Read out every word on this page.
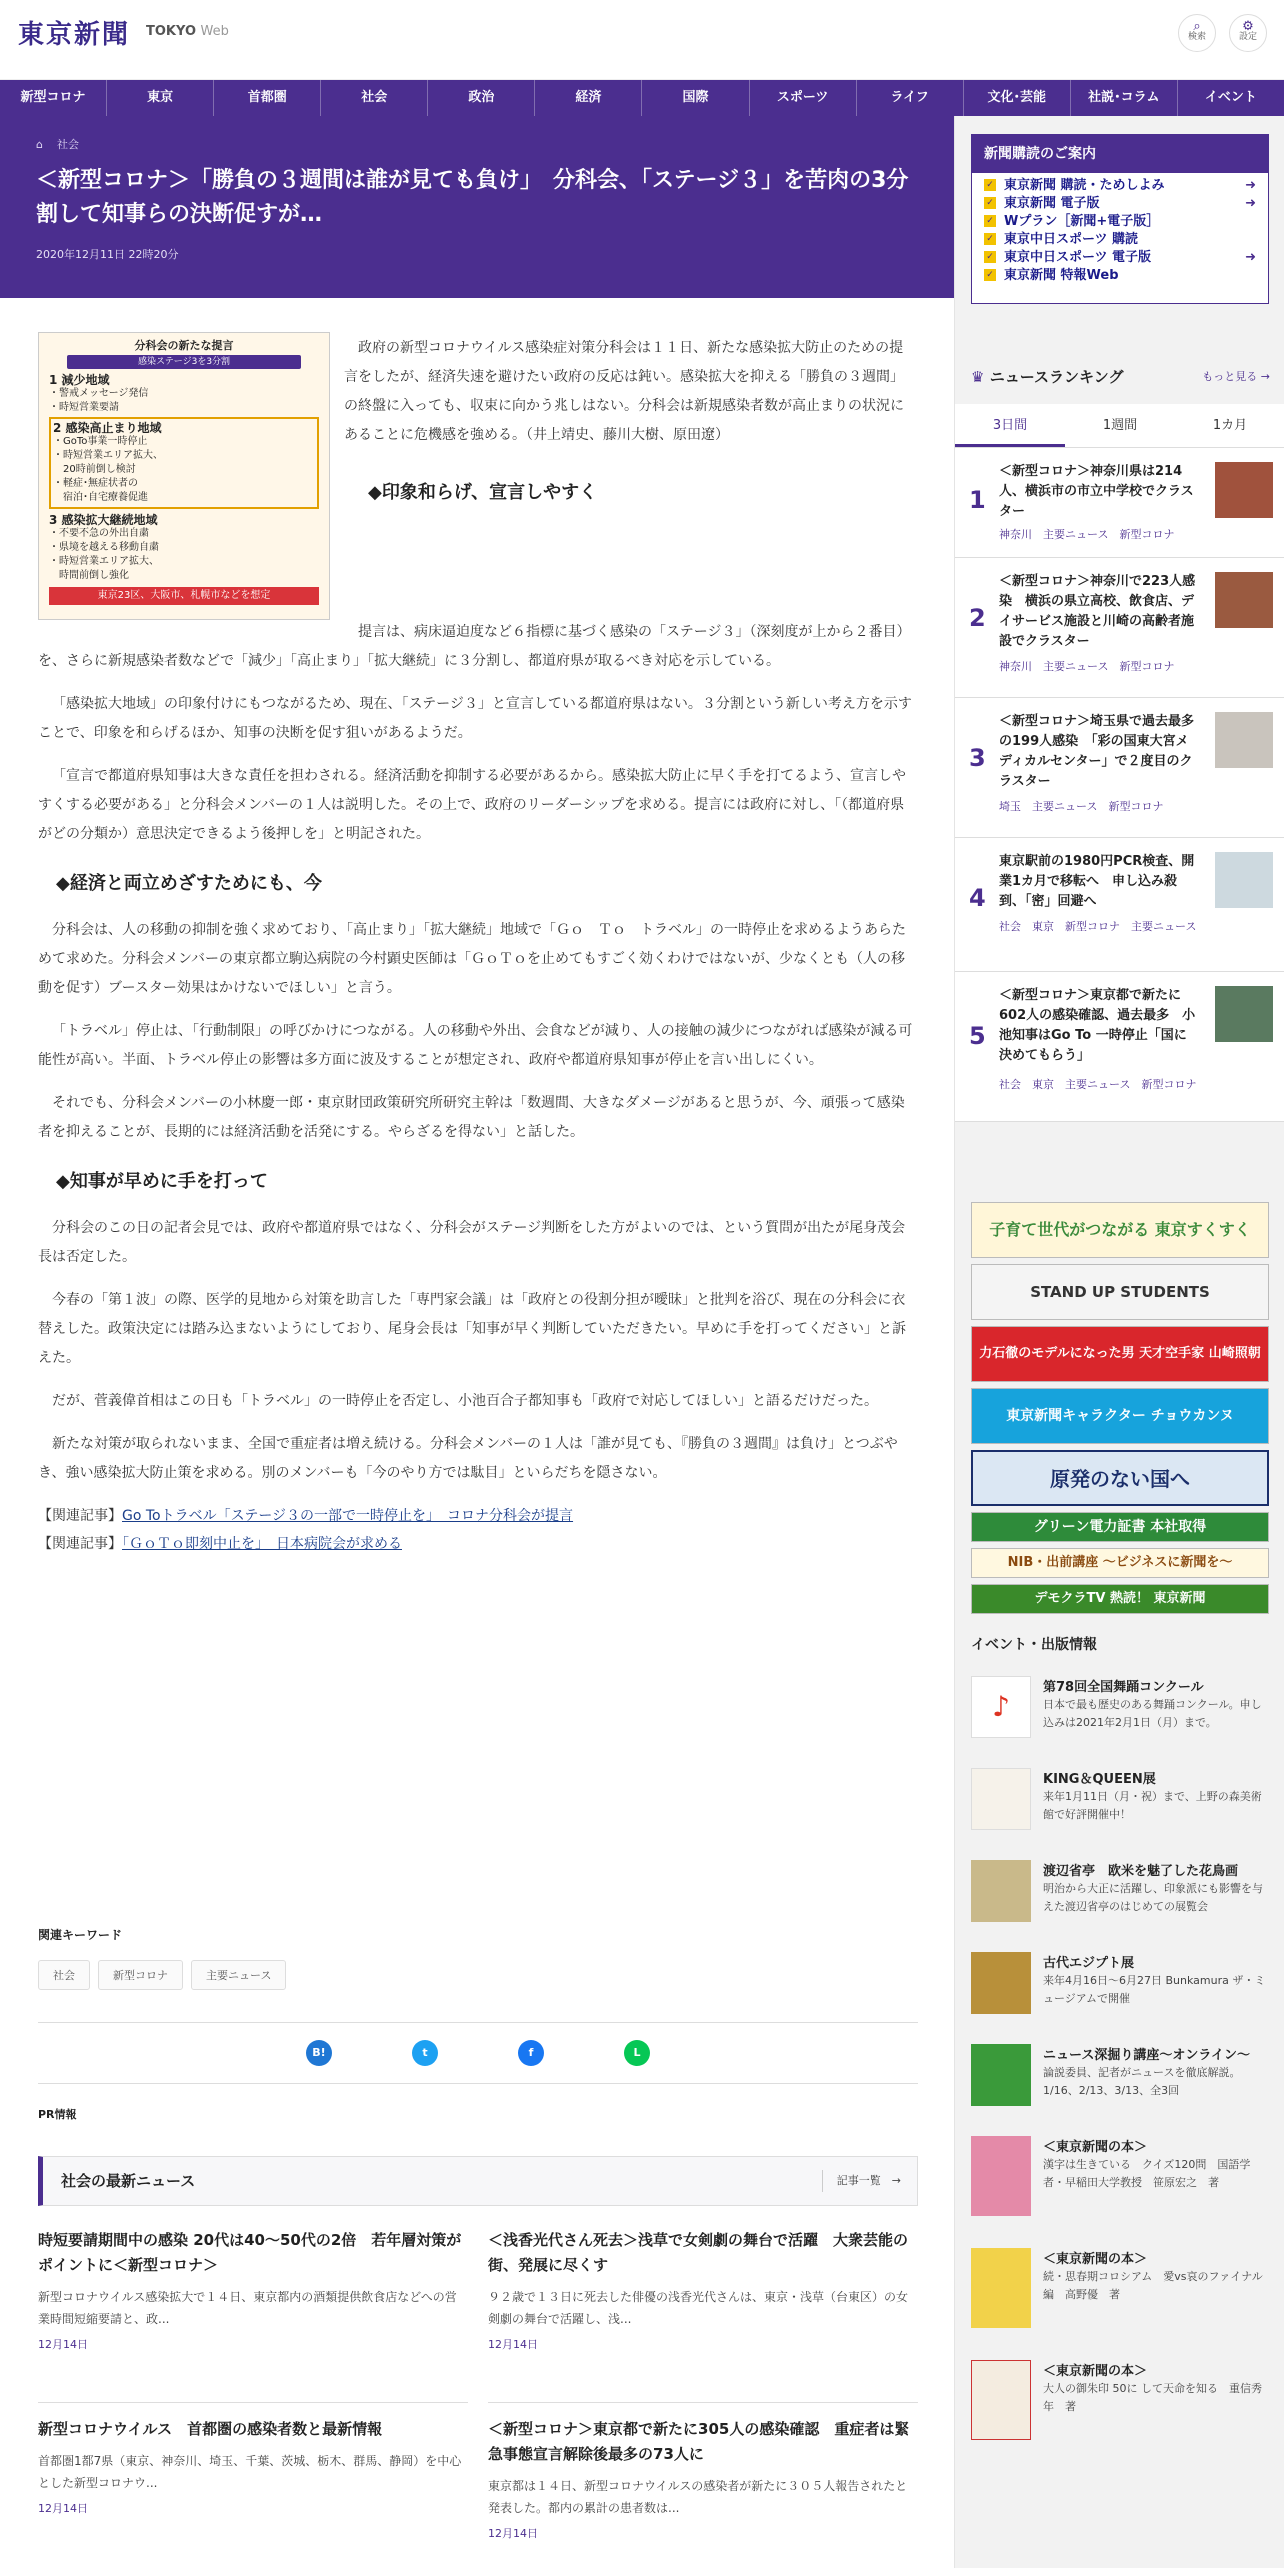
東京新聞 TOKYO Web	⌕
検索
⚙
設定
新型コロナ	東京	首都圏	社会	政治	経済	国際	スポーツ	ライフ	文化･芸能	社説･コラム	イベント
⌂ 社会
＜新型コロナ＞「勝負の３週間は誰が見ても負け」　分科会、「ステージ３」を苦肉の3分割して知事らの決断促すが…
2020年12月11日 22時20分
分科会の新たな提言
感染ステージ3を3分割
1 減少地域
・警戒メッセージ発信
・時短営業要請
2 感染高止まり地域
・GoTo事業一時停止
・時短営業エリア拡大、
　20時前倒し検討
・軽症･無症状者の
　宿泊･自宅療養促進
3 感染拡大継続地域
・不要不急の外出自粛
・県境を越える移動自粛
・時短営業エリア拡大、
　時間前倒し強化
東京23区、大阪市、札幌市などを想定

政府の新型コロナウイルス感染症対策分科会は１１日、新たな感染拡大防止のための提言をしたが、経済失速を避けたい政府の反応は鈍い。感染拡大を抑える「勝負の３週間」の終盤に入っても、収束に向かう兆しはない。分科会は新規感染者数が高止まりの状況にあることに危機感を強める。（井上靖史、藤川大樹、原田遼）

◆印象和らげ、宣言しやすく

提言は、病床逼迫度など６指標に基づく感染の「ステージ３」（深刻度が上から２番目）を、さらに新規感染者数などで「減少」「高止まり」「拡大継続」に３分割し、都道府県が取るべき対応を示している。

「感染拡大地域」の印象付けにもつながるため、現在、「ステージ３」と宣言している都道府県はない。３分割という新しい考え方を示すことで、印象を和らげるほか、知事の決断を促す狙いがあるようだ。

「宣言で都道府県知事は大きな責任を担わされる。経済活動を抑制する必要があるから。感染拡大防止に早く手を打てるよう、宣言しやすくする必要がある」と分科会メンバーの１人は説明した。その上で、政府のリーダーシップを求める。提言には政府に対し、「（都道府県がどの分類か）意思決定できるよう後押しを」と明記された。

◆経済と両立めざすためにも、今

分科会は、人の移動の抑制を強く求めており、「高止まり」「拡大継続」地域で「Ｇｏ　Ｔｏ　トラベル」の一時停止を求めるようあらためて求めた。分科会メンバーの東京都立駒込病院の今村顕史医師は「ＧｏＴｏを止めてもすごく効くわけではないが、少なくとも（人の移動を促す）ブースター効果はかけないでほしい」と言う。

「トラベル」停止は、「行動制限」の呼びかけにつながる。人の移動や外出、会食などが減り、人の接触の減少につながれば感染が減る可能性が高い。半面、トラベル停止の影響は多方面に波及することが想定され、政府や都道府県知事が停止を言い出しにくい。

それでも、分科会メンバーの小林慶一郎・東京財団政策研究所研究主幹は「数週間、大きなダメージがあると思うが、今、頑張って感染者を抑えることが、長期的には経済活動を活発にする。やらざるを得ない」と話した。

◆知事が早めに手を打って

分科会のこの日の記者会見では、政府や都道府県ではなく、分科会がステージ判断をした方がよいのでは、という質問が出たが尾身茂会長は否定した。

今春の「第１波」の際、医学的見地から対策を助言した「専門家会議」は「政府との役割分担が曖昧」と批判を浴び、現在の分科会に衣替えした。政策決定には踏み込まないようにしており、尾身会長は「知事が早く判断していただきたい。早めに手を打ってください」と訴えた。

だが、菅義偉首相はこの日も「トラベル」の一時停止を否定し、小池百合子都知事も「政府で対応してほしい」と語るだけだった。

新たな対策が取られないまま、全国で重症者は増え続ける。分科会メンバーの１人は「誰が見ても、『勝負の３週間』は負け」とつぶやき、強い感染拡大防止策を求める。別のメンバーも「今のやり方では駄目」といらだちを隠さない。

【関連記事】Go Toトラベル「ステージ３の一部で一時停止を」　コロナ分科会が提言
【関連記事】「ＧｏＴｏ即刻中止を」　日本病院会が求める
関連キーワード
社会	新型コロナ	主要ニュース
B!	t	f	L
PR情報
社会の最新ニュース	記事一覧　→
時短要請期間中の感染 20代は40～50代の2倍　若年層対策がポイントに＜新型コロナ＞
新型コロナウイルス感染拡大で１４日、東京都内の酒類提供飲食店などへの営業時間短縮要請と、政...
12月14日
＜浅香光代さん死去＞浅草で女剣劇の舞台で活躍　大衆芸能の街、発展に尽くす
９２歳で１３日に死去した俳優の浅香光代さんは、東京・浅草（台東区）の女剣劇の舞台で活躍し、浅...
12月14日
新型コロナウイルス　首都圏の感染者数と最新情報
首都圏1都7県（東京、神奈川、埼玉、千葉、茨城、栃木、群馬、静岡）を中心とした新型コロナウ...
12月14日
＜新型コロナ＞東京都で新たに305人の感染確認　重症者は緊急事態宣言解除後最多の73人に
東京都は１４日、新型コロナウイルスの感染者が新たに３０５人報告されたと発表した。都内の累計の患者数は...
12月14日
新聞購読のご案内
✓ 東京新聞 購読・ためしよみ	➜
✓ 東京新聞 電子版	➜
✓ Wプラン［新聞+電子版］
✓ 東京中日スポーツ 購読
✓ 東京中日スポーツ 電子版	➜
✓ 東京新聞 特報Web
♛ ニュースランキング	もっと見る →
3日間	1週間	1カ月
1
＜新型コロナ＞神奈川県は214人、横浜市の市立中学校でクラスター
神奈川　主要ニュース　新型コロナ
2
＜新型コロナ＞神奈川で223人感染　横浜の県立高校、飲食店、デイサービス施設と川崎の高齢者施設でクラスター
神奈川　主要ニュース　新型コロナ
3
＜新型コロナ＞埼玉県で過去最多の199人感染　「彩の国東大宮メディカルセンター」で２度目のクラスター
埼玉　主要ニュース　新型コロナ
4
東京駅前の1980円PCR検査、開業1カ月で移転へ　申し込み殺到、「密」回避へ
社会　東京　新型コロナ　主要ニュース
5
＜新型コロナ＞東京都で新たに602人の感染確認、過去最多　小池知事はGo To 一時停止「国に決めてもらう」
社会　東京　主要ニュース　新型コロナ
子育て世代がつながる 東京すくすく
STAND UP STUDENTS
力石徹のモデルになった男 天才空手家 山崎照朝
東京新聞キャラクター チョウカンヌ
原発のない国へ
グリーン電力証書 本社取得
NIB・出前講座 ～ビジネスに新聞を～
デモクラTV 熱読！ 東京新聞
イベント・出版情報
♪
第78回全国舞踊コンクール
日本で最も歴史のある舞踊コンクール。申し込みは2021年2月1日（月）まで。
KING＆QUEEN展
来年1月11日（月・祝）まで、上野の森美術館で好評開催中！
渡辺省亭　欧米を魅了した花鳥画
明治から大正に活躍し、印象派にも影響を与えた渡辺省亭のはじめての展覧会
古代エジプト展
来年4月16日～6月27日 Bunkamura ザ・ミュージアムで開催
ニュース深掘り講座～オンライン～
論説委員、記者がニュースを徹底解説。1/16、2/13、3/13、全3回
＜東京新聞の本＞
漢字は生きている　クイズ120問　国語学者・早稲田大学教授　笹原宏之　著
＜東京新聞の本＞
続・思春期コロシアム　愛vs哀のファイナル編　高野優　著
＜東京新聞の本＞
大人の御朱印 50に して天命を知る　重信秀年　著
